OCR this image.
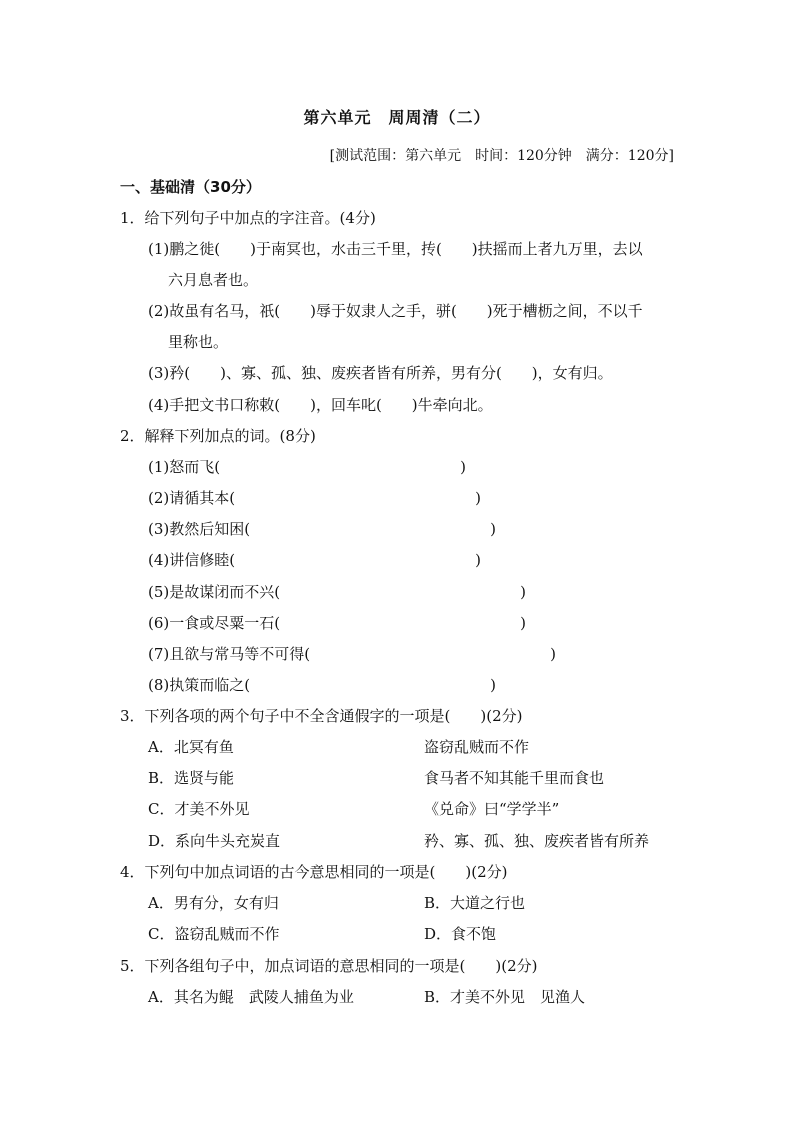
第六单元　周周清（二）
[测试范围：第六单元　时间：120分钟　满分：120分]
一、基础清（30分）
1．给下列句子中加点的字注音。(4分)
(1)鹏之徙(　　)于南冥也，水击三千里，抟(　　)扶摇而上者九万里，去以
六月息者也。
(2)故虽有名马，祇(　　)辱于奴隶人之手，骈(　　)死于槽枥之间，不以千
里称也。
(3)矜(　　)、寡、孤、独、废疾者皆有所养，男有分(　　)，女有归。
(4)手把文书口称敕(　　)，回车叱(　　)牛牵向北。
2．解释下列加点的词。(8分)
(1)怒而飞(　　　　　　　　　　　　　　　　)
(2)请循其本(　　　　　　　　　　　　　　　　)
(3)教然后知困(　　　　　　　　　　　　　　　　)
(4)讲信修睦(　　　　　　　　　　　　　　　　)
(5)是故谋闭而不兴(　　　　　　　　　　　　　　　　)
(6)一食或尽粟一石(　　　　　　　　　　　　　　　　)
(7)且欲与常马等不可得(　　　　　　　　　　　　　　　　)
(8)执策而临之(　　　　　　　　　　　　　　　　)
3．下列各项的两个句子中不全含通假字的一项是(　　)(2分)
A．北冥有鱼	盗窃乱贼而不作
B．选贤与能	食马者不知其能千里而食也
C．才美不外见	《兑命》曰“学学半”
D．系向牛头充炭直	矜、寡、孤、独、废疾者皆有所养
4．下列句中加点词语的古今意思相同的一项是(　　)(2分)
A．男有分，女有归	B．大道之行也
C．盗窃乱贼而不作	D．食不饱
5．下列各组句子中，加点词语的意思相同的一项是(　　)(2分)
A．其名为鲲　武陵人捕鱼为业	B．才美不外见　见渔人
